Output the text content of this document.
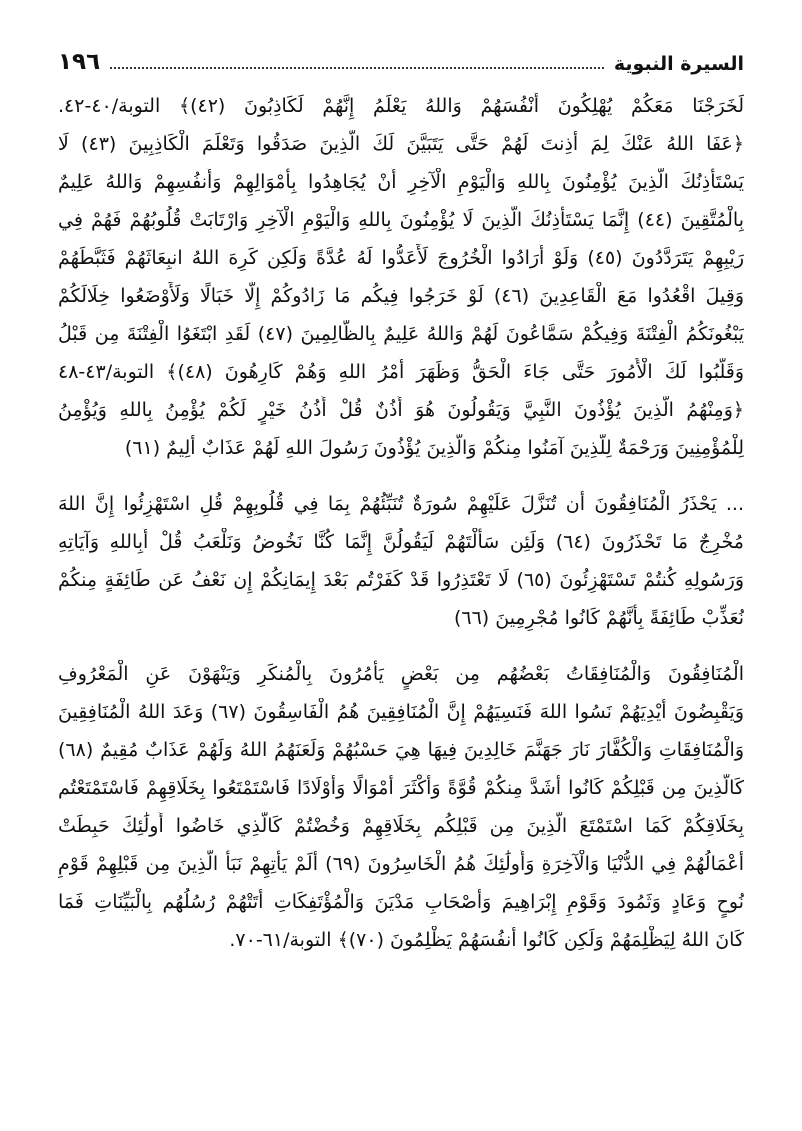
السيرة النبوية
١٩٦
لَخَرَجْنَا مَعَكُمْ يُهْلِكُونَ أَنْفُسَهُمْ وَاللهُ يَعْلَمُ إِنَّهُمْ لَكَاذِبُونَ (٤٢)﴾ التوبة/٤٠-٤٢.
﴿عَفَا اللهُ عَنْكَ لِمَ أَذِنتَ لَهُمْ حَتَّى يَتَبَيَّنَ لَكَ الَّذِينَ صَدَقُوا وَتَعْلَمَ الْكَاذِبِينَ (٤٣) لَا
يَسْتَأْذِنُكَ الَّذِينَ يُؤْمِنُونَ بِاللهِ وَالْيَوْمِ الْآخِرِ أَنْ يُجَاهِدُوا بِأَمْوَالِهِمْ وَأَنفُسِهِمْ وَاللهُ عَلِيمٌ
بِالْمُتَّقِينَ (٤٤) إِنَّمَا يَسْتَأْذِنُكَ الَّذِينَ لَا يُؤْمِنُونَ بِاللهِ وَالْيَوْمِ الْآخِرِ وَارْتَابَتْ قُلُوبُهُمْ فَهُمْ فِي
رَيْبِهِمْ يَتَرَدَّدُونَ (٤٥) وَلَوْ أَرَادُوا الْخُرُوجَ لَأَعَدُّوا لَهُ عُدَّةً وَلَكِن كَرِهَ اللهُ انبِعَاثَهُمْ فَثَبَّطَهُمْ
وَقِيلَ اقْعُدُوا مَعَ الْقَاعِدِينَ (٤٦) لَوْ خَرَجُوا فِيكُم مَا زَادُوكُمْ إِلَّا خَبَالًا وَلَأَوْضَعُوا خِلَالَكُمْ
يَبْغُونَكُمُ الْفِتْنَةَ وَفِيكُمْ سَمَّاعُونَ لَهُمْ وَاللهُ عَلِيمٌ بِالظَّالِمِينَ (٤٧) لَقَدِ ابْتَغَوُا الْفِتْنَةَ مِن قَبْلُ
وَقَلَّبُوا لَكَ الْأُمُورَ حَتَّى جَاءَ الْحَقُّ وَظَهَرَ أَمْرُ اللهِ وَهُمْ كَارِهُونَ (٤٨)﴾ التوبة/٤٣-٤٨
﴿وَمِنْهُمُ الَّذِينَ يُؤْذُونَ النَّبِيَّ وَيَقُولُونَ هُوَ أُذُنٌ قُلْ أُذُنُ خَيْرٍ لَكُمْ يُؤْمِنُ بِاللهِ وَيُؤْمِنُ
لِلْمُؤْمِنِينَ وَرَحْمَةٌ لِلَّذِينَ آمَنُوا مِنكُمْ وَالَّذِينَ يُؤْذُونَ رَسُولَ اللهِ لَهُمْ عَذَابٌ أَلِيمٌ (٦١)
... يَحْذَرُ الْمُنَافِقُونَ أَن تُنَزَّلَ عَلَيْهِمْ سُورَةٌ تُنَبِّئُهُمْ بِمَا فِي قُلُوبِهِمْ قُلِ اسْتَهْزِئُوا إِنَّ اللهَ
مُخْرِجٌ مَا تَحْذَرُونَ (٦٤) وَلَئِن سَأَلْتَهُمْ لَيَقُولُنَّ إِنَّمَا كُنَّا نَخُوضُ وَنَلْعَبُ قُلْ أَبِاللهِ وَآيَاتِهِ
وَرَسُولِهِ كُنتُمْ تَسْتَهْزِئُونَ (٦٥) لَا تَعْتَذِرُوا قَدْ كَفَرْتُم بَعْدَ إِيمَانِكُمْ إِن نَعْفُ عَن طَائِفَةٍ مِنكُمْ
نُعَذِّبْ طَائِفَةً بِأَنَّهُمْ كَانُوا مُجْرِمِينَ (٦٦)
الْمُنَافِقُونَ وَالْمُنَافِقَاتُ بَعْضُهُم مِن بَعْضٍ يَأْمُرُونَ بِالْمُنكَرِ وَيَنْهَوْنَ عَنِ الْمَعْرُوفِ
وَيَقْبِضُونَ أَيْدِيَهُمْ نَسُوا اللهَ فَنَسِيَهُمْ إِنَّ الْمُنَافِقِينَ هُمُ الْفَاسِقُونَ (٦٧) وَعَدَ اللهُ الْمُنَافِقِينَ
وَالْمُنَافِقَاتِ وَالْكُفَّارَ نَارَ جَهَنَّمَ خَالِدِينَ فِيهَا هِيَ حَسْبُهُمْ وَلَعَنَهُمُ اللهُ وَلَهُمْ عَذَابٌ مُقِيمٌ (٦٨)
كَالَّذِينَ مِن قَبْلِكُمْ كَانُوا أَشَدَّ مِنكُمْ قُوَّةً وَأَكْثَرَ أَمْوَالًا وَأَوْلَادًا فَاسْتَمْتَعُوا بِخَلَاقِهِمْ فَاسْتَمْتَعْتُم
بِخَلَاقِكُمْ كَمَا اسْتَمْتَعَ الَّذِينَ مِن قَبْلِكُم بِخَلَاقِهِمْ وَخُضْتُمْ كَالَّذِي خَاضُوا أُولَٰئِكَ حَبِطَتْ
أَعْمَالُهُمْ فِي الدُّنْيَا وَالْآخِرَةِ وَأُولَٰئِكَ هُمُ الْخَاسِرُونَ (٦٩) أَلَمْ يَأْتِهِمْ نَبَأُ الَّذِينَ مِن قَبْلِهِمْ قَوْمِ
نُوحٍ وَعَادٍ وَثَمُودَ وَقَوْمِ إِبْرَاهِيمَ وَأَصْحَابِ مَدْيَنَ وَالْمُؤْتَفِكَاتِ أَتَتْهُمْ رُسُلُهُم بِالْبَيِّنَاتِ فَمَا
كَانَ اللهُ لِيَظْلِمَهُمْ وَلَكِن كَانُوا أَنفُسَهُمْ يَظْلِمُونَ (٧٠)﴾ التوبة/٦١-٧٠.
